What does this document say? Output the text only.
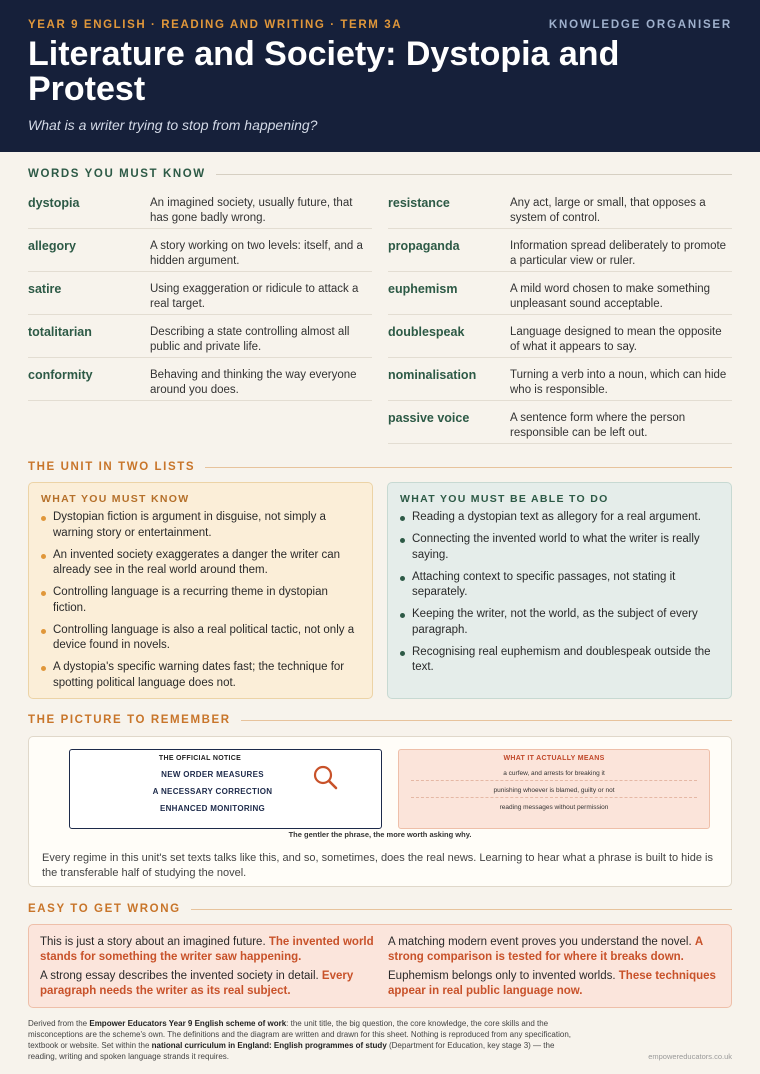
YEAR 9 ENGLISH · READING AND WRITING · TERM 3A	KNOWLEDGE ORGANISER
Literature and Society: Dystopia and Protest
What is a writer trying to stop from happening?
WORDS YOU MUST KNOW
dystopia	An imagined society, usually future, that has gone badly wrong.
allegory	A story working on two levels: itself, and a hidden argument.
satire	Using exaggeration or ridicule to attack a real target.
totalitarian	Describing a state controlling almost all public and private life.
conformity	Behaving and thinking the way everyone around you does.
resistance	Any act, large or small, that opposes a system of control.
propaganda	Information spread deliberately to promote a particular view or ruler.
euphemism	A mild word chosen to make something unpleasant sound acceptable.
doublespeak	Language designed to mean the opposite of what it appears to say.
nominalisation	Turning a verb into a noun, which can hide who is responsible.
passive voice	A sentence form where the person responsible can be left out.
THE UNIT IN TWO LISTS
WHAT YOU MUST KNOW
Dystopian fiction is argument in disguise, not simply a warning story or entertainment.
An invented society exaggerates a danger the writer can already see in the real world around them.
Controlling language is a recurring theme in dystopian fiction.
Controlling language is also a real political tactic, not only a device found in novels.
A dystopia's specific warning dates fast; the technique for spotting political language does not.
WHAT YOU MUST BE ABLE TO DO
Reading a dystopian text as allegory for a real argument.
Connecting the invented world to what the writer is really saying.
Attaching context to specific passages, not stating it separately.
Keeping the writer, not the world, as the subject of every paragraph.
Recognising real euphemism and doublespeak outside the text.
THE PICTURE TO REMEMBER
THE OFFICIAL NOTICE
NEW ORDER MEASURES
A NECESSARY CORRECTION
ENHANCED MONITORING
WHAT IT ACTUALLY MEANS
a curfew, and arrests for breaking it
punishing whoever is blamed, guilty or not
reading messages without permission
The gentler the phrase, the more worth asking why.
Every regime in this unit's set texts talks like this, and so, sometimes, does the real news. Learning to hear what a phrase is built to hide is the transferable half of studying the novel.
EASY TO GET WRONG
This is just a story about an imagined future. The invented world stands for something the writer saw happening.
A matching modern event proves you understand the novel. A strong comparison is tested for where it breaks down.
A strong essay describes the invented society in detail. Every paragraph needs the writer as its real subject.
Euphemism belongs only to invented worlds. These techniques appear in real public language now.
Derived from the Empower Educators Year 9 English scheme of work: the unit title, the big question, the core knowledge, the core skills and the misconceptions are the scheme's own. The definitions and the diagram are written and drawn for this sheet. Nothing is reproduced from any specification, textbook or website. Set within the national curriculum in England: English programmes of study (Department for Education, key stage 3) — the reading, writing and spoken language strands it requires.	empowereducators.co.uk
